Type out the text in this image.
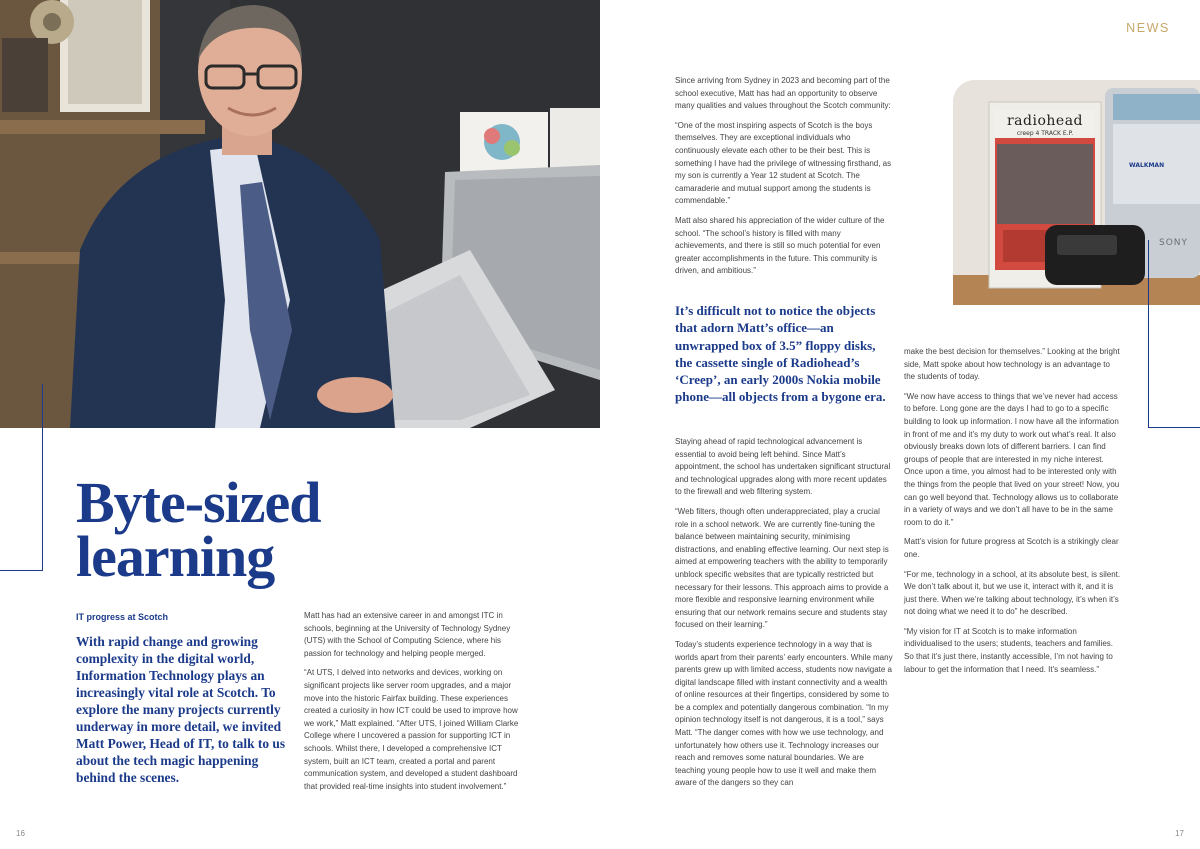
radiohead
creep 4 TRACK E.P.
WALKMAN
SONY
NEWS
Byte-sized learning
IT progress at Scotch
With rapid change and growing complexity in the digital world, Information Technology plays an increasingly vital role at Scotch. To explore the many projects currently underway in more detail, we invited Matt Power, Head of IT, to talk to us about the tech magic happening behind the scenes.

Matt has had an extensive career in and amongst ITC in schools, beginning at the University of Technology Sydney (UTS) with the School of Computing Science, where his passion for technology and helping people merged.

“At UTS, I delved into networks and devices, working on significant projects like server room upgrades, and a major move into the historic Fairfax building. These experiences created a curiosity in how ICT could be used to improve how we work,” Matt explained. “After UTS, I joined William Clarke College where I uncovered a passion for supporting ICT in schools. Whilst there, I developed a comprehensive ICT system, built an ICT team, created a portal and parent communication system, and developed a student dashboard that provided real-time insights into student involvement.”

Since arriving from Sydney in 2023 and becoming part of the school executive, Matt has had an opportunity to observe many qualities and values throughout the Scotch community:

“One of the most inspiring aspects of Scotch is the boys themselves. They are exceptional individuals who continuously elevate each other to be their best. This is something I have had the privilege of witnessing firsthand, as my son is currently a Year 12 student at Scotch. The camaraderie and mutual support among the students is commendable.”

Matt also shared his appreciation of the wider culture of the school. “The school’s history is filled with many achievements, and there is still so much potential for even greater accomplishments in the future. This community is driven, and ambitious.”

It’s difficult not to notice the objects that adorn Matt’s office—an unwrapped box of 3.5” floppy disks, the cassette single of Radiohead’s ‘Creep’, an early 2000s Nokia mobile phone—all objects from a bygone era.

Staying ahead of rapid technological advancement is essential to avoid being left behind. Since Matt’s appointment, the school has undertaken significant structural and technological upgrades along with more recent updates to the firewall and web filtering system.

“Web filters, though often underappreciated, play a crucial role in a school network. We are currently fine-tuning the balance between maintaining security, minimising distractions, and enabling effective learning. Our next step is aimed at empowering teachers with the ability to temporarily unblock specific websites that are typically restricted but necessary for their lessons. This approach aims to provide a more flexible and responsive learning environment while ensuring that our network remains secure and students stay focused on their learning.”

Today’s students experience technology in a way that is worlds apart from their parents’ early encounters. While many parents grew up with limited access, students now navigate a digital landscape filled with instant connectivity and a wealth of online resources at their fingertips, considered by some to be a complex and potentially dangerous combination. “In my opinion technology itself is not dangerous, it is a tool,” says Matt. “The danger comes with how we use technology, and unfortunately how others use it. Technology increases our reach and removes some natural boundaries. We are teaching young people how to use it well and make them aware of the dangers so they can

make the best decision for themselves.” Looking at the bright side, Matt spoke about how technology is an advantage to the students of today.

“We now have access to things that we’ve never had access to before. Long gone are the days I had to go to a specific building to look up information. I now have all the information in front of me and it’s my duty to work out what’s real. It also obviously breaks down lots of different barriers. I can find groups of people that are interested in my niche interest. Once upon a time, you almost had to be interested only with the things from the people that lived on your street! Now, you can go well beyond that. Technology allows us to collaborate in a variety of ways and we don’t all have to be in the same room to do it.”

Matt’s vision for future progress at Scotch is a strikingly clear one.

“For me, technology in a school, at its absolute best, is silent. We don’t talk about it, but we use it, interact with it, and it is just there. When we’re talking about technology, it’s when it’s not doing what we need it to do” he described.

“My vision for IT at Scotch is to make information individualised to the users; students, teachers and families. So that it’s just there, instantly accessible, I’m not having to labour to get the information that I need. It’s seamless.”

16	17
